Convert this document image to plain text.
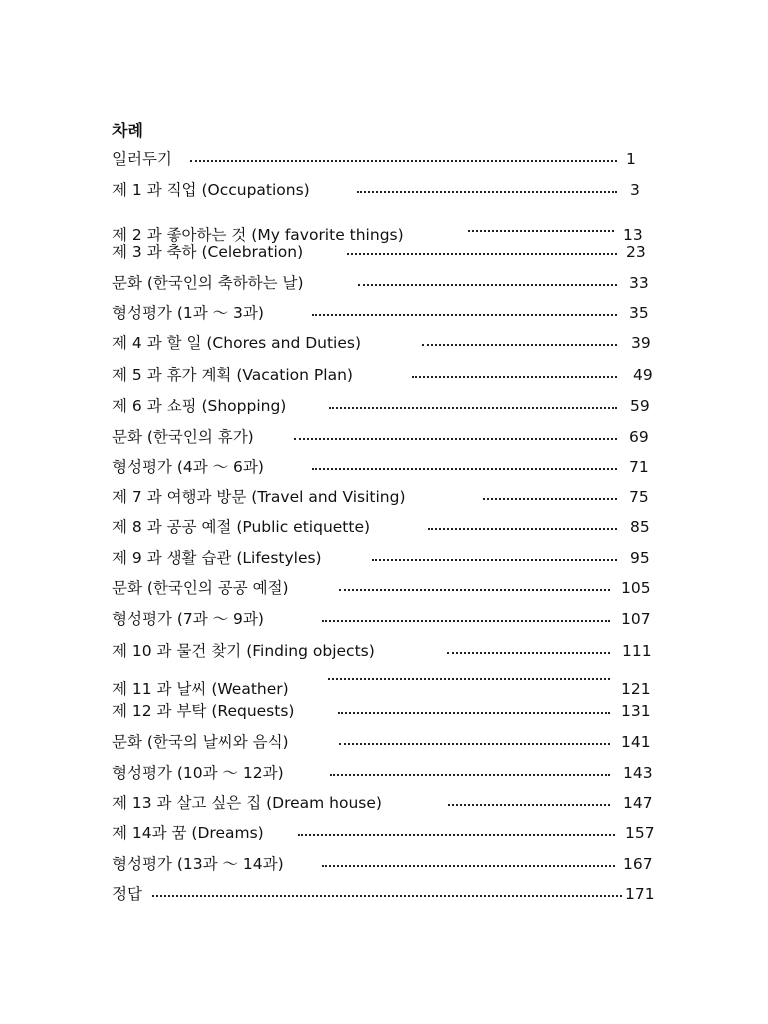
차례
일러두기	1
제 1 과 직업 (Occupations)	3
제 2 과 좋아하는 것 (My favorite things)	13
제 3 과 축하 (Celebration)	23
문화 (한국인의 축하하는 날)	33
형성평가 (1과 ～ 3과)	35
제 4 과 할 일 (Chores and Duties)	39
제 5 과 휴가 계획 (Vacation Plan)	49
제 6 과 쇼핑 (Shopping)	59
문화 (한국인의 휴가)	69
형성평가 (4과 ～ 6과)	71
제 7 과 여행과 방문 (Travel and Visiting)	75
제 8 과 공공 예절 (Public etiquette)	85
제 9 과 생활 습관 (Lifestyles)	95
문화 (한국인의 공공 예절)	105
형성평가 (7과 ～ 9과)	107
제 10 과 물건 찾기 (Finding objects)	111
제 11 과 날씨 (Weather)	121
제 12 과 부탁 (Requests)	131
문화 (한국의 날씨와 음식)	141
형성평가 (10과 ～ 12과)	143
제 13 과 살고 싶은 집 (Dream house)	147
제 14과 꿈 (Dreams)	157
형성평가 (13과 ～ 14과)	167
정답	171
